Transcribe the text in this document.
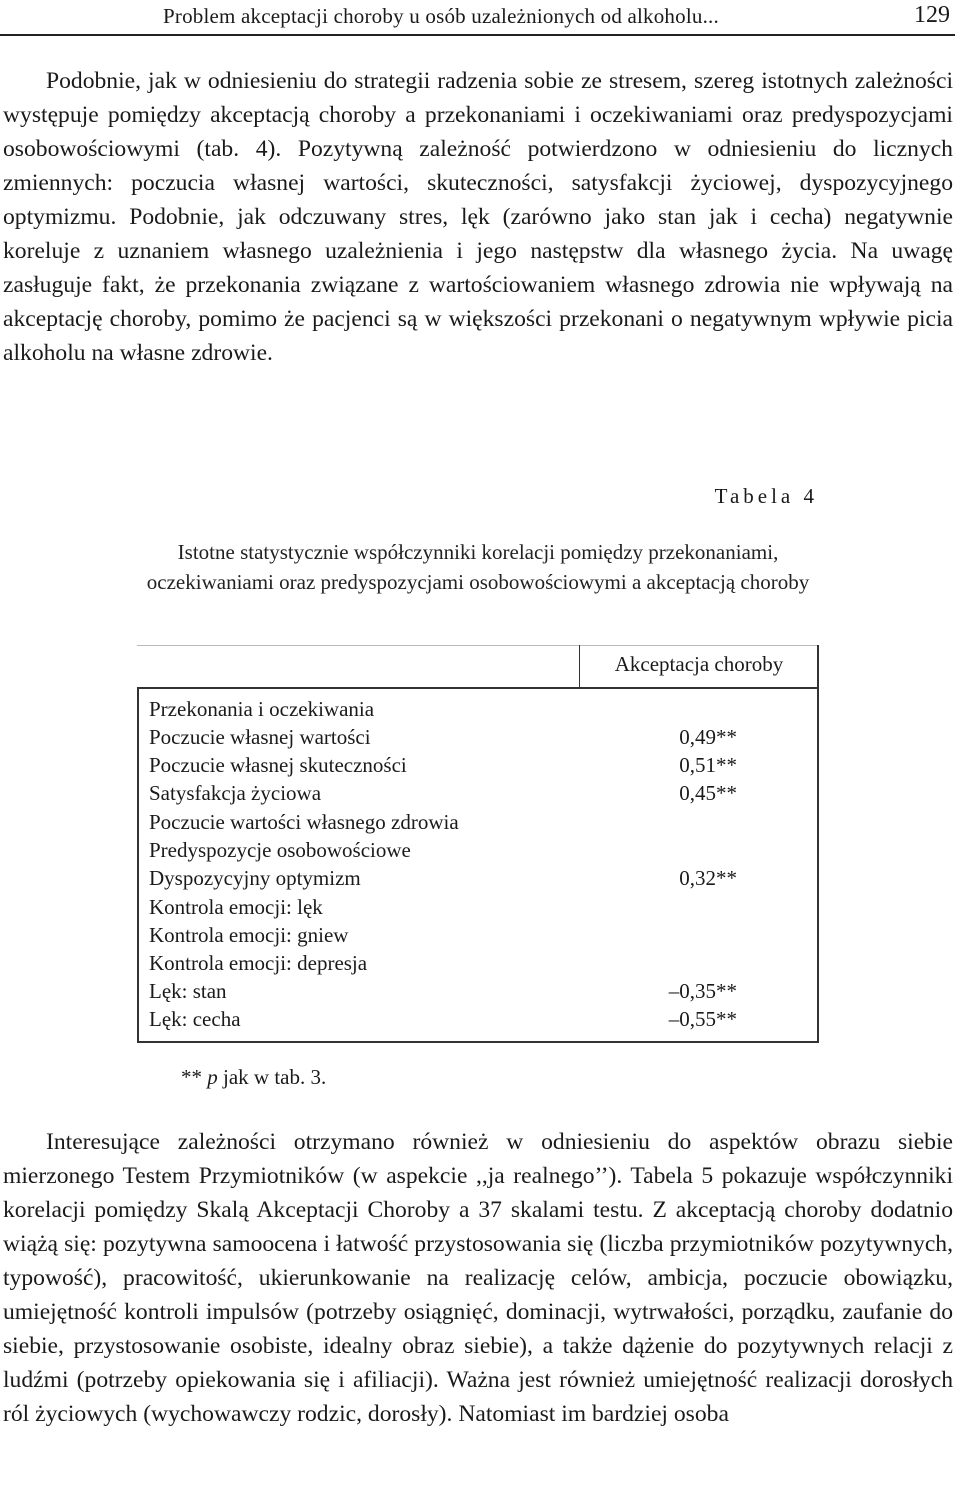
Problem akceptacji choroby u osób uzależnionych od alkoholu...	129
Podobnie, jak w odniesieniu do strategii radzenia sobie ze stresem, szereg istotnych zależności występuje pomiędzy akceptacją choroby a przekonaniami i oczekiwaniami oraz predyspozycjami osobowościowymi (tab. 4). Pozytywną zależność potwierdzono w odniesieniu do licznych zmiennych: poczucia własnej wartości, skuteczności, satysfakcji życiowej, dyspozycyjnego optymizmu. Podobnie, jak odczuwany stres, lęk (zarówno jako stan jak i cecha) negatywnie koreluje z uznaniem własnego uzależnienia i jego następstw dla własnego życia. Na uwagę zasługuje fakt, że przekonania związane z wartościowaniem własnego zdrowia nie wpływają na akceptację choroby, pomimo że pacjenci są w większości przekonani o negatywnym wpływie picia alkoholu na własne zdrowie.
Tabela 4
Istotne statystycznie współczynniki korelacji pomiędzy przekonaniami, oczekiwaniami oraz predyspozycjami osobowościowymi a akceptacją choroby
Akceptacja choroby
Przekonania i oczekiwania
Poczucie własnej wartości	0,49**
Poczucie własnej skuteczności	0,51**
Satysfakcja życiowa	0,45**
Poczucie wartości własnego zdrowia
Predyspozycje osobowościowe
Dyspozycyjny optymizm	0,32**
Kontrola emocji: lęk
Kontrola emocji: gniew
Kontrola emocji: depresja
Lęk: stan	–0,35**
Lęk: cecha	–0,55**
** p jak w tab. 3.
Interesujące zależności otrzymano również w odniesieniu do aspektów obrazu siebie mierzonego Testem Przymiotników (w aspekcie ,,ja realnego’’). Tabela 5 pokazuje współczynniki korelacji pomiędzy Skalą Akceptacji Choroby a 37 skalami testu. Z akceptacją choroby dodatnio wiążą się: pozytywna samoocena i łatwość przystosowania się (liczba przymiotników pozytywnych, typowość), pracowitość, ukierunkowanie na realizację celów, ambicja, poczucie obowiązku, umiejętność kontroli impulsów (potrzeby osiągnięć, dominacji, wytrwałości, porządku, zaufanie do siebie, przystosowanie osobiste, idealny obraz siebie), a także dążenie do pozytywnych relacji z ludźmi (potrzeby opiekowania się i afiliacji). Ważna jest również umiejętność realizacji dorosłych ról życiowych (wychowawczy rodzic, dorosły). Natomiast im bardziej osoba
